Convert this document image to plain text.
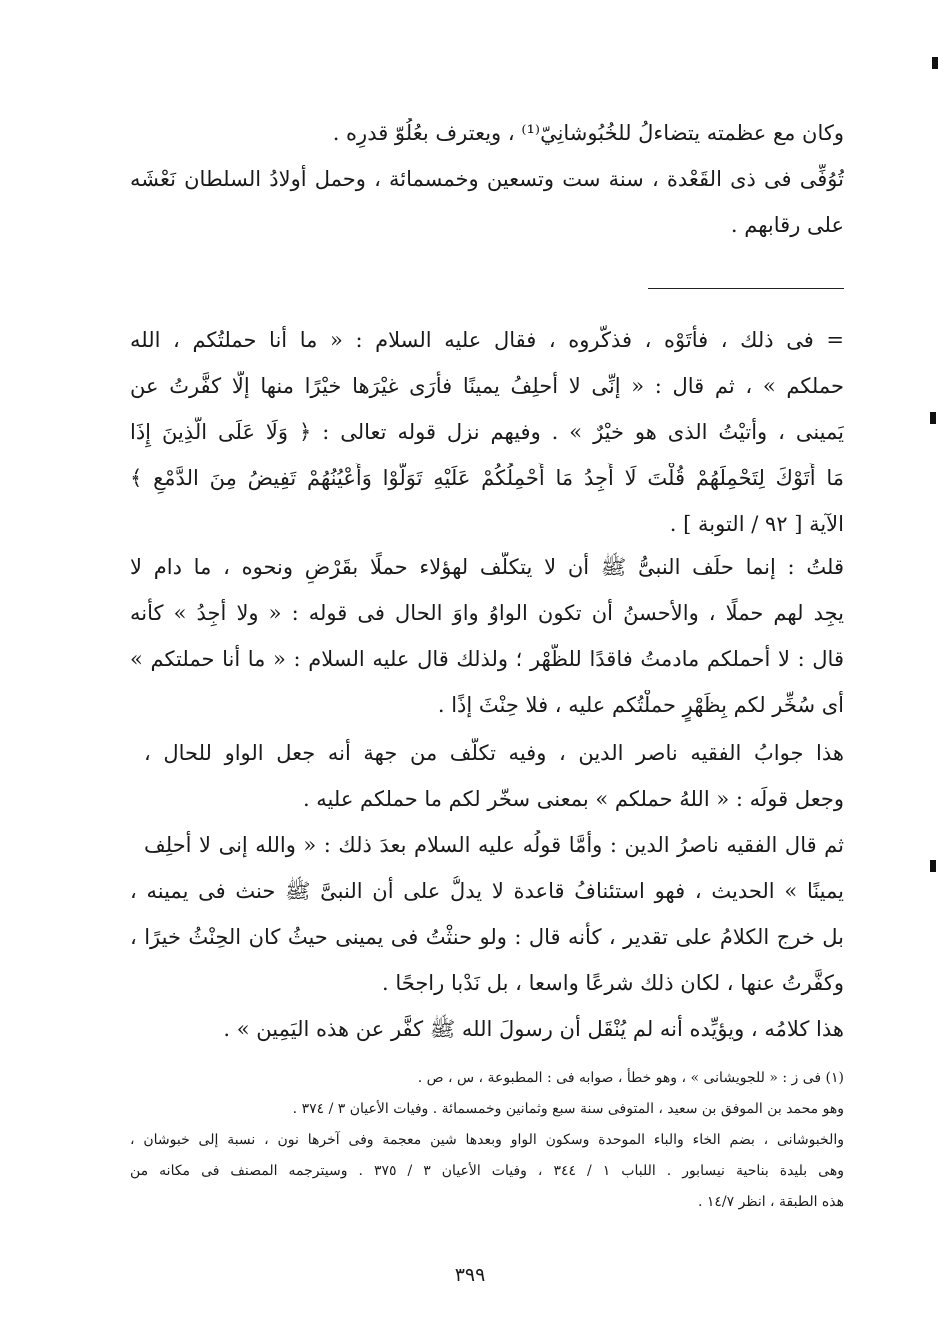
وكان مع عظمته يتضاءلُ للخُبُوشانِيّ⁽¹⁾ ، ويعترف بعُلُوّ قدرِه .
تُوُفِّى فى ذى القَعْدة ، سنة ست وتسعين وخمسمائة ، وحمل أولادُ السلطان نَعْشَه
على رقابهم .
= فى ذلك ، فأتَوْه ، فذكَّروه ، فقال عليه السلام : « ما أنا حملتُكم ، الله
حملكم » ، ثم قال : « إنِّى لا أحلِفُ يمينًا فأرَى غيْرَها خيْرًا منها إلَّا كفَّرتُ عن
يَمينى ، وأتيْتُ الذى هو خيْرٌ » . وفيهم نزل قوله تعالى : ﴿ وَلَا عَلَى الَّذِينَ إِذَا
مَا أَتَوْكَ لِتَحْمِلَهُمْ قُلْتَ لَا أَجِدُ مَا أَحْمِلُكُمْ عَلَيْهِ تَوَلَّوْا وَأَعْيُنُهُمْ تَفِيضُ مِنَ الدَّمْعِ ﴾
الآية [ ٩٢ / التوبة ] .
قلتُ : إنما حلَف النبىُّ ﷺ أن لا يتكلَّف لهؤلاء حملًا بقَرْضٍ ونحوه ، ما دام لا
يجِد لهم حملًا ، والأحسنُ أن تكون الواوُ واوَ الحال فى قوله : « ولا أجِدُ » كأنه
قال : لا أحملكم مادمتُ فاقدًا للظَّهْر ؛ ولذلك قال عليه السلام : « ما أنا حملتكم »
أى سُخِّر لكم بِظَهْرٍ حملْتُكم عليه ، فلا حِنْثَ إذًا .
هذا جوابُ الفقيه ناصر الدين ، وفيه تكلُّف من جهة أنه جعل الواو للحال ،
وجعل قولَه : « اللهُ حملكم » بمعنى سخّر لكم ما حملكم عليه .
ثم قال الفقيه ناصرُ الدين : وأمَّا قولُه عليه السلام بعدَ ذلك : « والله إنى لا أحلِف
يمينًا » الحديث ، فهو استئنافُ قاعدة لا يدلُّ على أن النبىَّ ﷺ حنث فى يمينه ،
بل خرج الكلامُ على تقدير ، كأنه قال : ولو حنثْتُ فى يمينى حيثُ كان الحِنْثُ خيرًا ،
وكفَّرتُ عنها ، لكان ذلك شرعًا واسعا ، بل نَدْبا راجحًا .
هذا كلامُه ، ويؤيِّده أنه لم يُنْقَل أن رسولَ الله ﷺ كفَّر عن هذه اليَمِين » .
(١) فى ز : « للجويشانى » ، وهو خطأ ، صوابه فى : المطبوعة ، س ، ص .
وهو محمد بن الموفق بن سعيد ، المتوفى سنة سبع وثمانين وخمسمائة . وفيات الأعيان ٣ / ٣٧٤ .
والخبوشانى ، بضم الخاء والباء الموحدة وسكون الواو وبعدها شين معجمة وفى آخرها نون ، نسبة إلى خبوشان ،
وهى بليدة بناحية نيسابور . اللباب ١ / ٣٤٤ ، وفيات الأعيان ٣ / ٣٧٥ . وسيترجمه المصنف فى مكانه من
هذه الطبقة ، انظر ١٤/٧ .
٣٩٩
